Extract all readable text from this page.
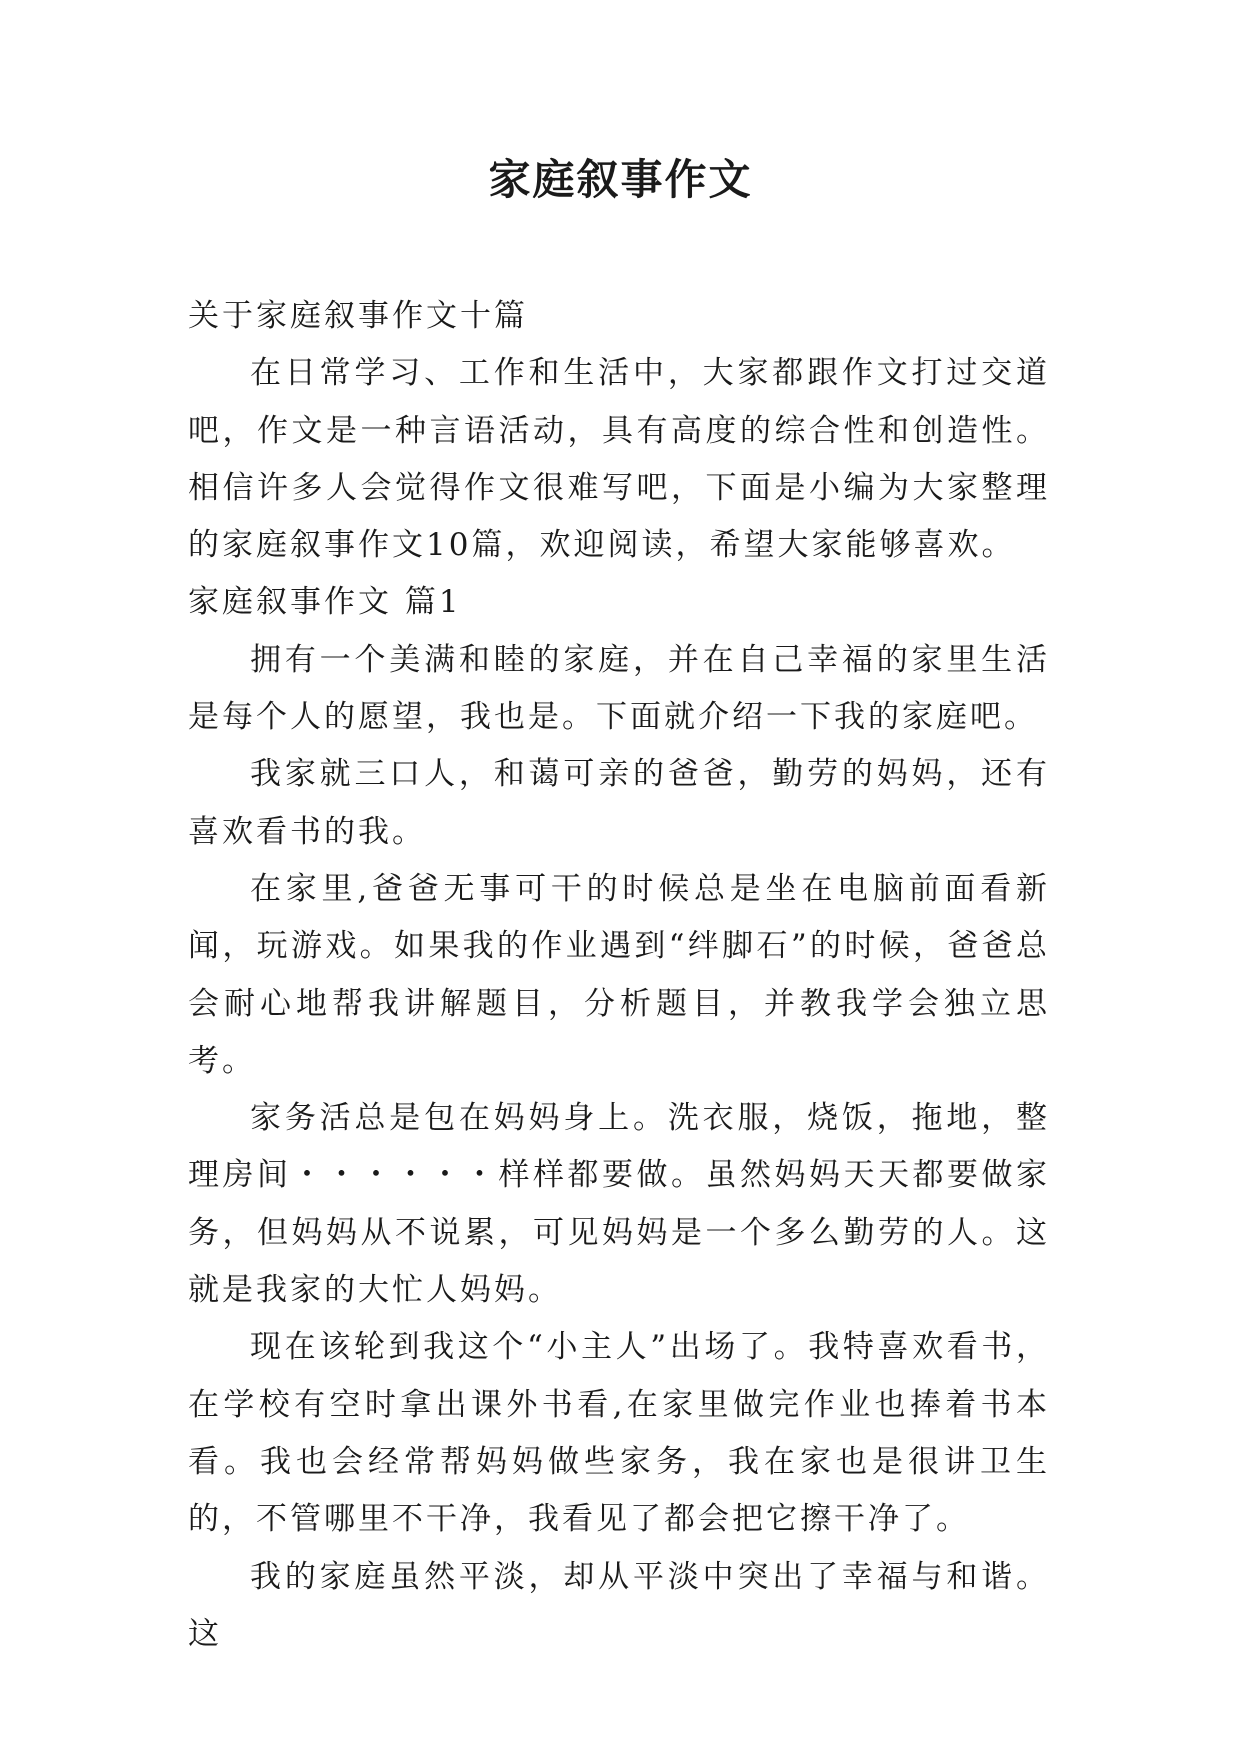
家庭叙事作文

关于家庭叙事作文十篇

在日常学习、工作和生活中，大家都跟作文打过交道吧，作文是一种言语活动，具有高度的综合性和创造性。相信许多人会觉得作文很难写吧，下面是小编为大家整理的家庭叙事作文10篇，欢迎阅读，希望大家能够喜欢。

家庭叙事作文 篇1

拥有一个美满和睦的家庭，并在自己幸福的家里生活是每个人的愿望，我也是。下面就介绍一下我的家庭吧。

我家就三口人，和蔼可亲的爸爸，勤劳的妈妈，还有喜欢看书的我。

在家里,爸爸无事可干的时候总是坐在电脑前面看新闻，玩游戏。如果我的作业遇到“绊脚石”的时候，爸爸总会耐心地帮我讲解题目，分析题目，并教我学会独立思考。

家务活总是包在妈妈身上。洗衣服，烧饭，拖地，整理房间・・・・・・样样都要做。虽然妈妈天天都要做家务，但妈妈从不说累，可见妈妈是一个多么勤劳的人。这就是我家的大忙人妈妈。

现在该轮到我这个“小主人”出场了。我特喜欢看书，在学校有空时拿出课外书看,在家里做完作业也捧着书本看。我也会经常帮妈妈做些家务，我在家也是很讲卫生的，不管哪里不干净，我看见了都会把它擦干净了。

我的家庭虽然平淡，却从平淡中突出了幸福与和谐。这
